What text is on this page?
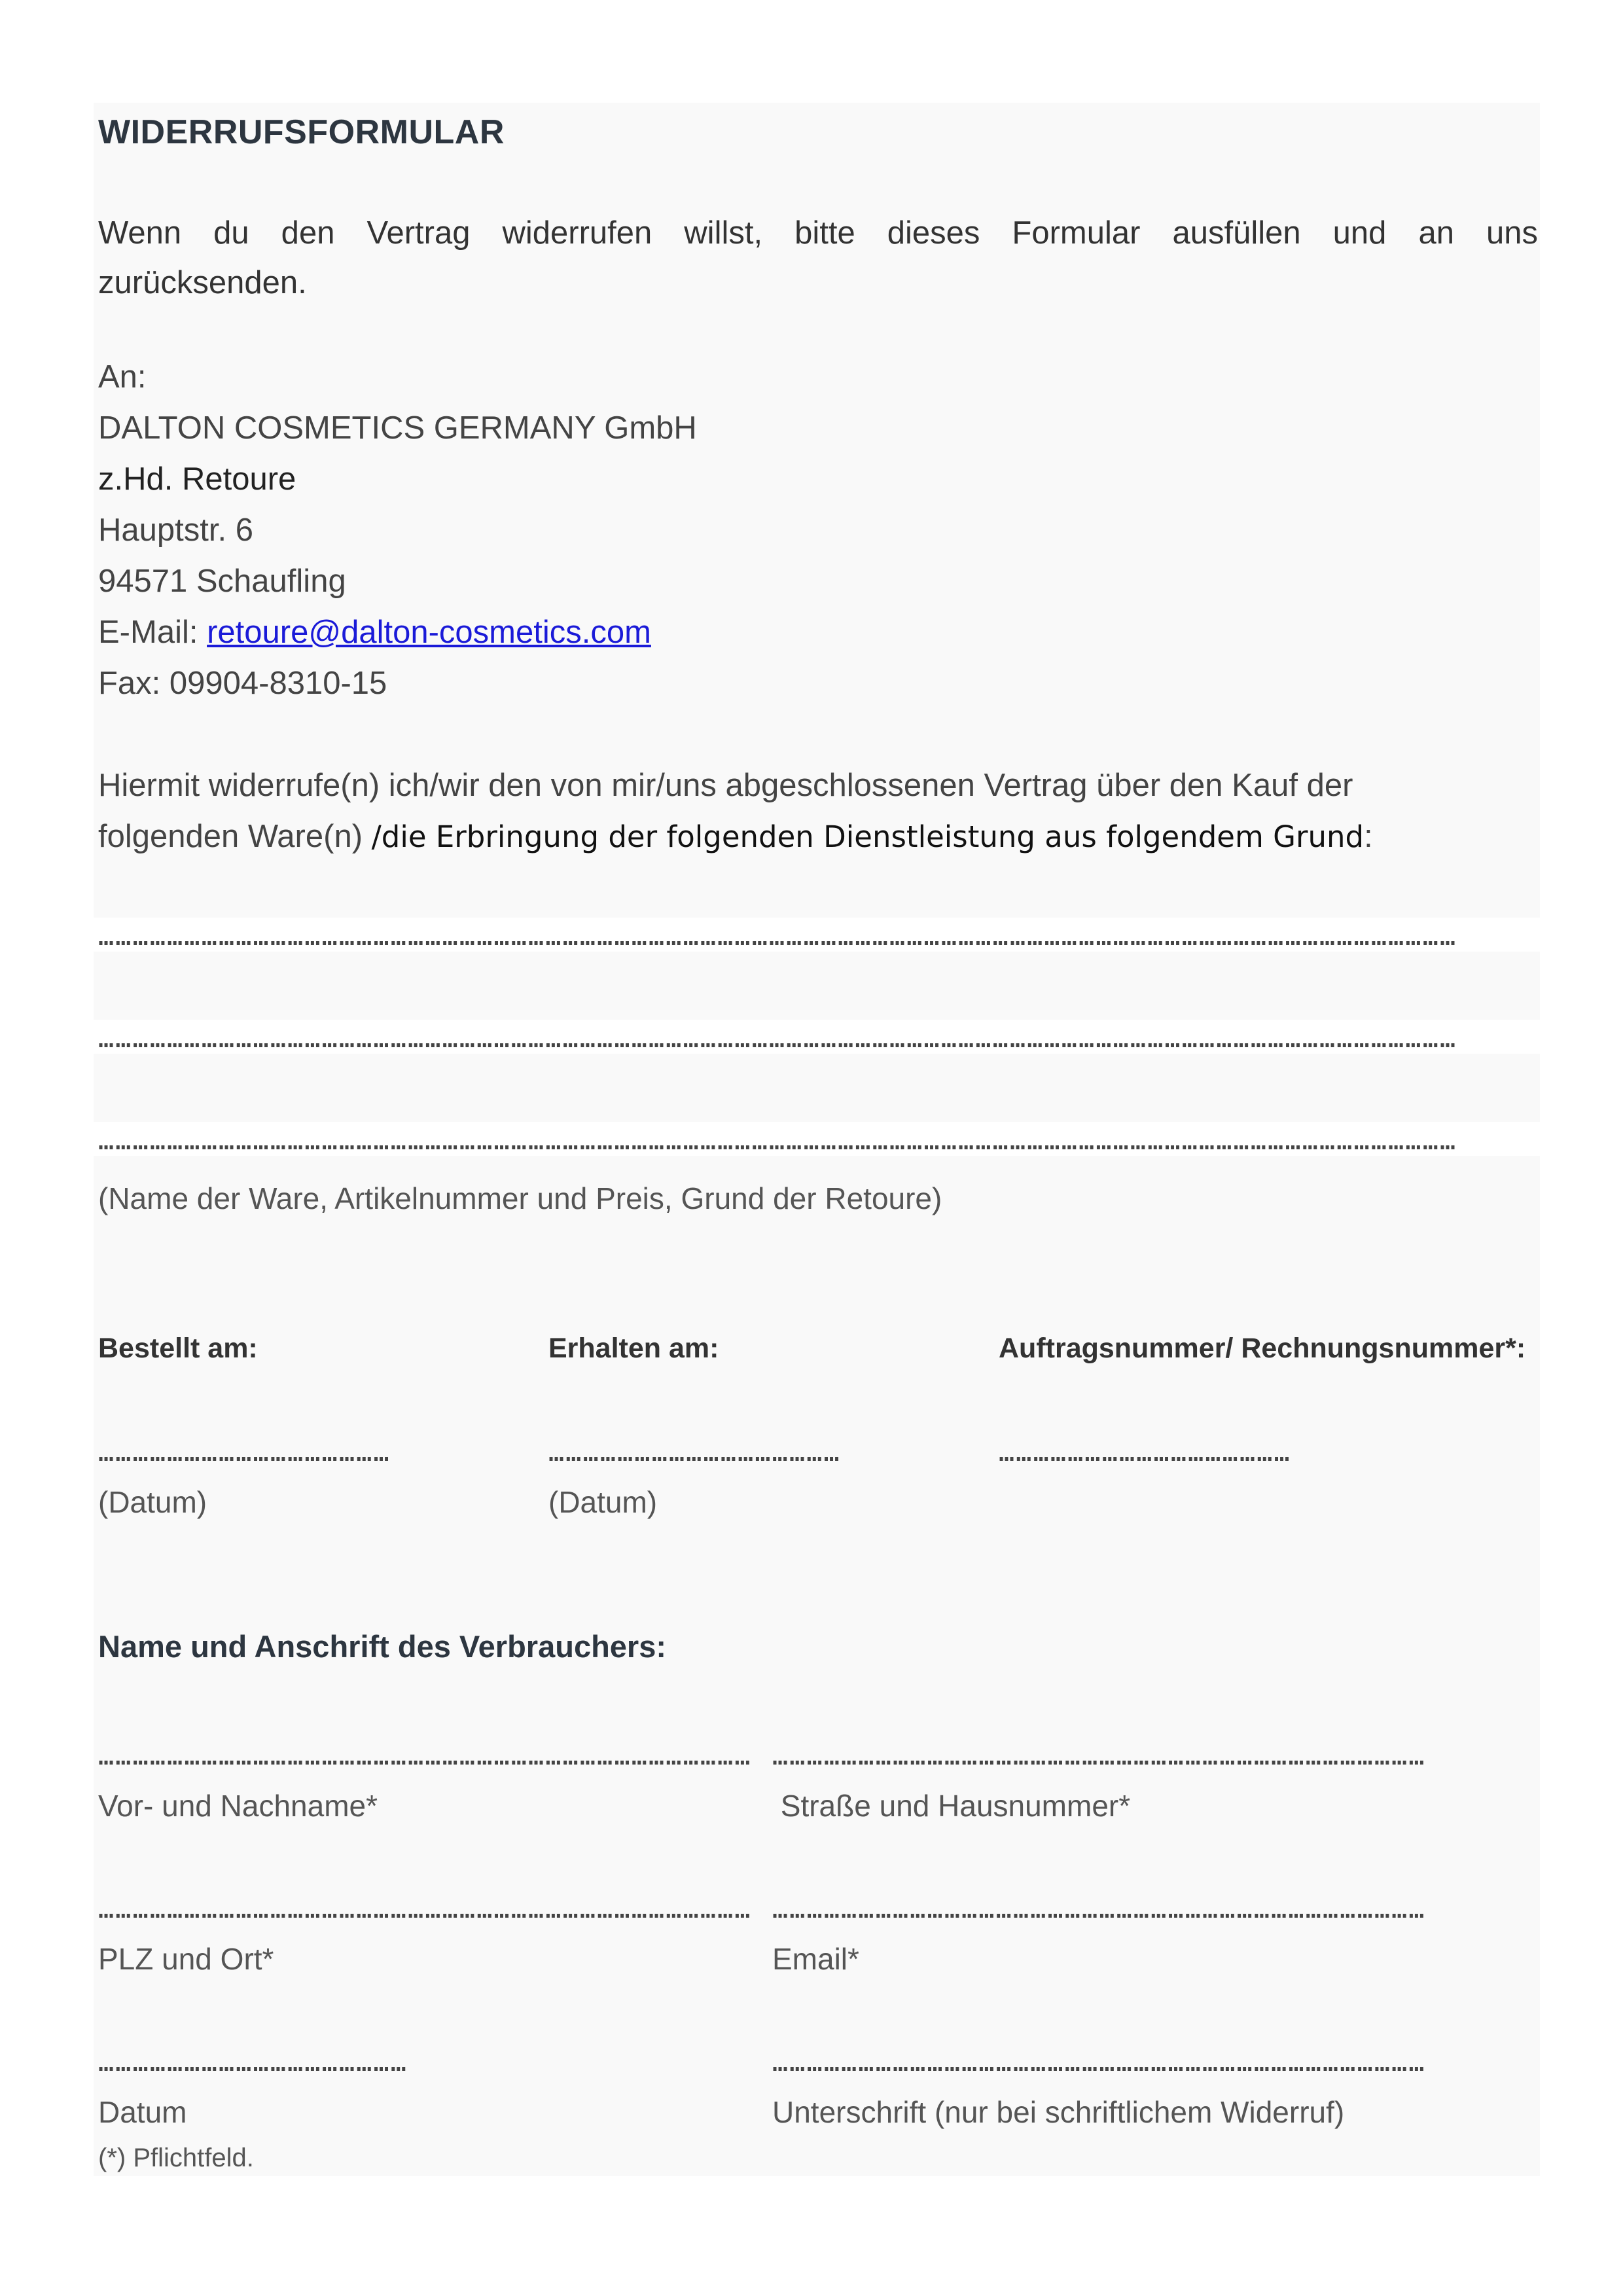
WIDERRUFSFORMULAR
Wenn du den Vertrag widerrufen willst, bitte dieses Formular ausfüllen und an uns
zurücksenden.
An:
DALTON COSMETICS GERMANY GmbH
z.Hd. Retoure
Hauptstr. 6
94571 Schaufling
E-Mail: retoure@dalton-cosmetics.com
Fax: 09904-8310-15
Hiermit widerrufe(n) ich/wir den von mir/uns abgeschlossenen Vertrag über den Kauf der
folgenden Ware(n) /die Erbringung der folgenden Dienstleistung aus folgendem Grund:
…………………………………………………………………………………………………………………………………………………………………………………………………………………
…………………………………………………………………………………………………………………………………………………………………………………………………………………
…………………………………………………………………………………………………………………………………………………………………………………………………………………
(Name der Ware, Artikelnummer und Preis, Grund der Retoure)
Bestellt am:	Erhalten am:	Auftragsnummer/ Rechnungsnummer*:
……………………………………………	……………………………………………	……………………………………………
(Datum)	(Datum)
Name und Anschrift des Verbrauchers:
…………………………………………………………………………………………………… ……………………………………………………………………………………………………
Vor- und Nachname*	Straße und Hausnummer*
…………………………………………………………………………………………………… ……………………………………………………………………………………………………
PLZ und Ort*	Email*
………………………………………………	……………………………………………………………………………………………………
Datum	Unterschrift (nur bei schriftlichem Widerruf)
(*) Pflichtfeld.
